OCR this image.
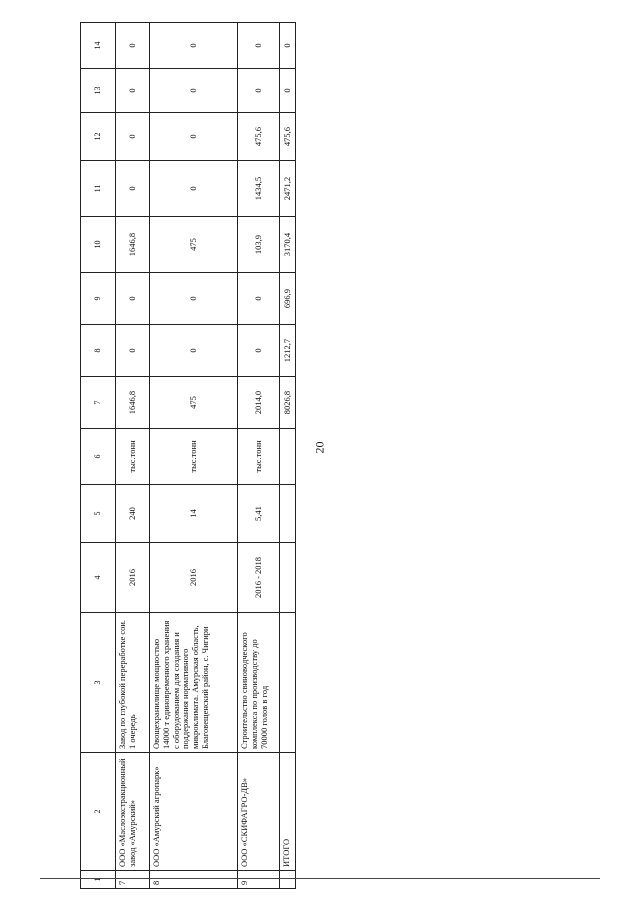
20
1	2	3	4	5	6	7	8	9	10	11	12	13	14
7	ООО «Маслоэкстракционный завод «Амурский»	Завод по глубокой переработке сои. 1 очередь	2016	240	тыс.тонн	1646,8	0	0	1646,8	0	0	0	0
8	ООО «Амурский агропарк»	Овощехранилище мощностью 14000 т единовременного хранения с оборудованием для создания и поддержания нормативного микроклимата. Амурская область, Благовещенский район, с. Чигири	2016	14	тыс.тонн	475	0	0	475	0	0	0	0
9	ООО «СКИФАГРО-ДВ»	Строительство свиноводческого комплекса по производству до 70000 голов в год	2016 - 2018	5,41	тыс.тонн	2014,0	0	0	103,9	1434,5	475,6	0	0
	ИТОГО					8026,8	1212,7	696,9	3170,4	2471,2	475,6	0	0
